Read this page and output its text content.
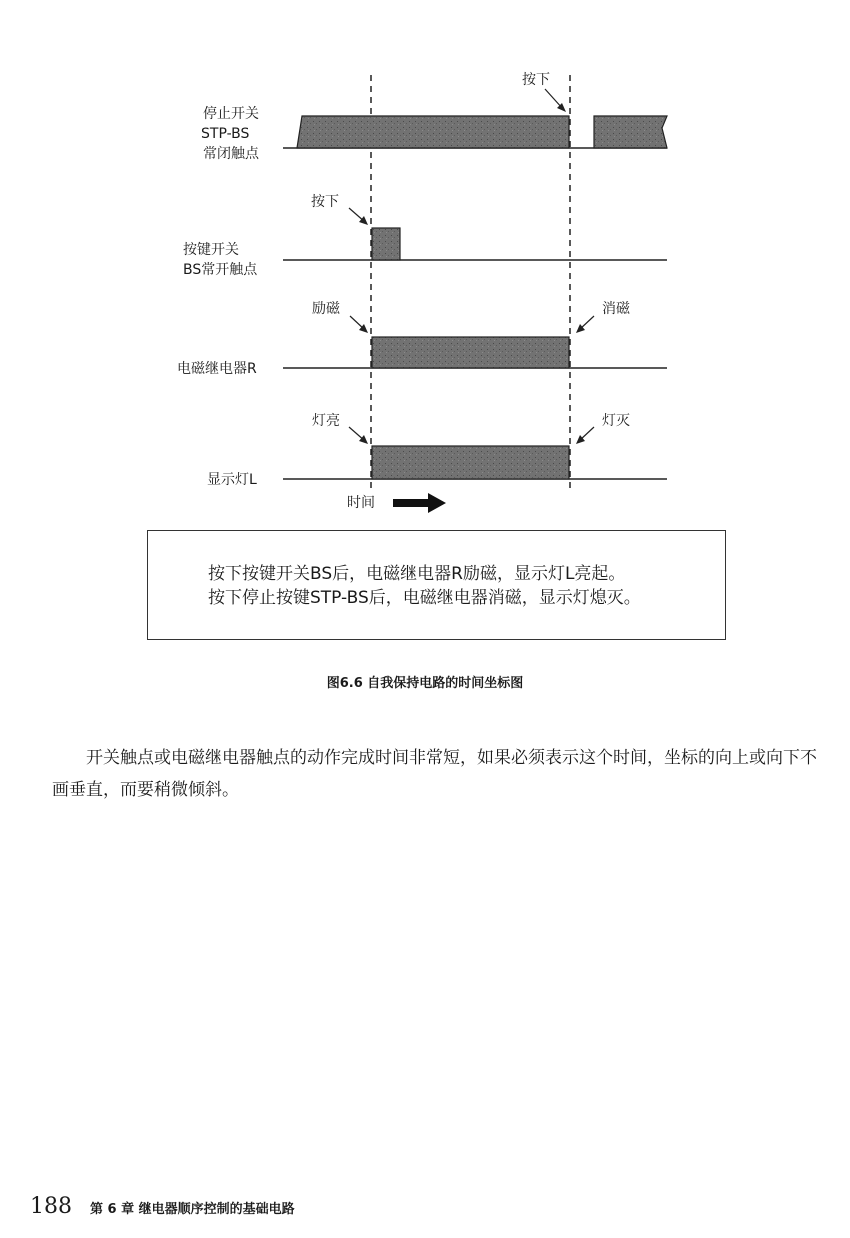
停止开关
STP-BS
常闭触点
按下
按键开关
BS常开触点
按下
电磁继电器R
励磁	消磁
显示灯L
灯亮	灯灭
时间

按下按键开关BS后，电磁继电器R励磁，显示灯L亮起。

按下停止按键STP-BS后，电磁继电器消磁，显示灯熄灭。

图6.6 自我保持电路的时间坐标图

开关触点或电磁继电器触点的动作完成时间非常短，如果必须表示这个时间，坐标的向上或向下不画垂直，而要稍微倾斜。

188 第 6 章 继电器顺序控制的基础电路
